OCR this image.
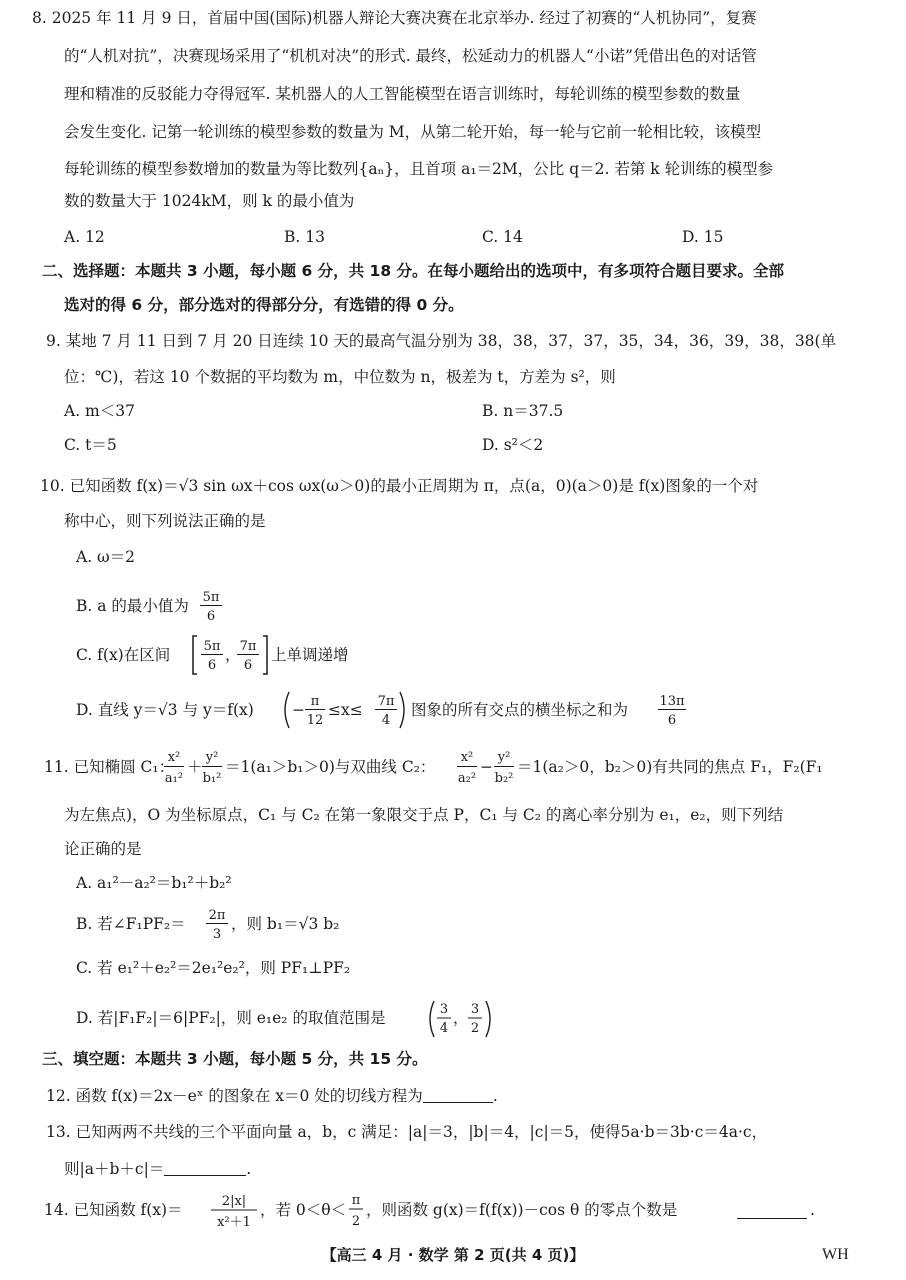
8. 2025 年 11 月 9 日，首届中国(国际)机器人辩论大赛决赛在北京举办. 经过了初赛的“人机协同”，复赛
的“人机对抗”，决赛现场采用了“机机对决”的形式. 最终，松延动力的机器人“小诺”凭借出色的对话管
理和精准的反驳能力夺得冠军. 某机器人的人工智能模型在语言训练时，每轮训练的模型参数的数量
会发生变化. 记第一轮训练的模型参数的数量为 M，从第二轮开始，每一轮与它前一轮相比较，该模型
每轮训练的模型参数增加的数量为等比数列{aₙ}，且首项 a₁＝2M，公比 q＝2. 若第 k 轮训练的模型参
数的数量大于 1024kM，则 k 的最小值为
A. 12	B. 13	C. 14	D. 15
二、选择题：本题共 3 小题，每小题 6 分，共 18 分。在每小题给出的选项中，有多项符合题目要求。全部
选对的得 6 分，部分选对的得部分分，有选错的得 0 分。
9. 某地 7 月 11 日到 7 月 20 日连续 10 天的最高气温分别为 38，38，37，37，35，34，36，39，38，38(单
位：℃)，若这 10 个数据的平均数为 m，中位数为 n，极差为 t，方差为 s²，则
A. m＜37	B. n＝37.5
C. t＝5	D. s²＜2
10. 已知函数 f(x)＝√3 sin ωx＋cos ωx(ω＞0)的最小正周期为 π，点(a，0)(a＞0)是 f(x)图象的一个对
称中心，则下列说法正确的是
A. ω＝2
B. a 的最小值为 5π
6
C. f(x)在区间	5π
6
， 7π
6
上单调递增
D. 直线 y＝√3 与 y＝f(x) − π
12
≤x≤ 7π
4
图象的所有交点的横坐标之和为 13π
6
11. 已知椭圆 C₁：
x²
a₁²
＋
y²
b₁²
＝1(a₁＞b₁＞0)与双曲线 C₂：
x²
a₂²
−
y²
b₂²
＝1(a₂＞0，b₂＞0)有共同的焦点 F₁，F₂(F₁
为左焦点)，O 为坐标原点，C₁ 与 C₂ 在第一象限交于点 P，C₁ 与 C₂ 的离心率分别为 e₁，e₂，则下列结
论正确的是
A. a₁²－a₂²＝b₁²＋b₂²
B. 若∠F₁PF₂＝ 2π
3
，则 b₁＝√3 b₂
C. 若 e₁²＋e₂²＝2e₁²e₂²，则 PF₁⊥PF₂
D. 若|F₁F₂|＝6|PF₂|，则 e₁e₂ 的取值范围是	3
4
， 3
2
三、填空题：本题共 3 小题，每小题 5 分，共 15 分。
12. 函数 f(x)＝2x－eˣ 的图象在 x＝0 处的切线方程为	.
13. 已知两两不共线的三个平面向量 a，b，c 满足：|a|＝3，|b|＝4，|c|＝5，使得5a·b＝3b·c＝4a·c，
则|a＋b＋c|＝	.
14. 已知函数 f(x)＝	2|x|
x²＋1
，若 0＜θ＜
π
2
，则函数 g(x)＝f(f(x))－cos θ 的零点个数是	.
【高三 4 月 · 数学 第 2 页(共 4 页)】	WH
